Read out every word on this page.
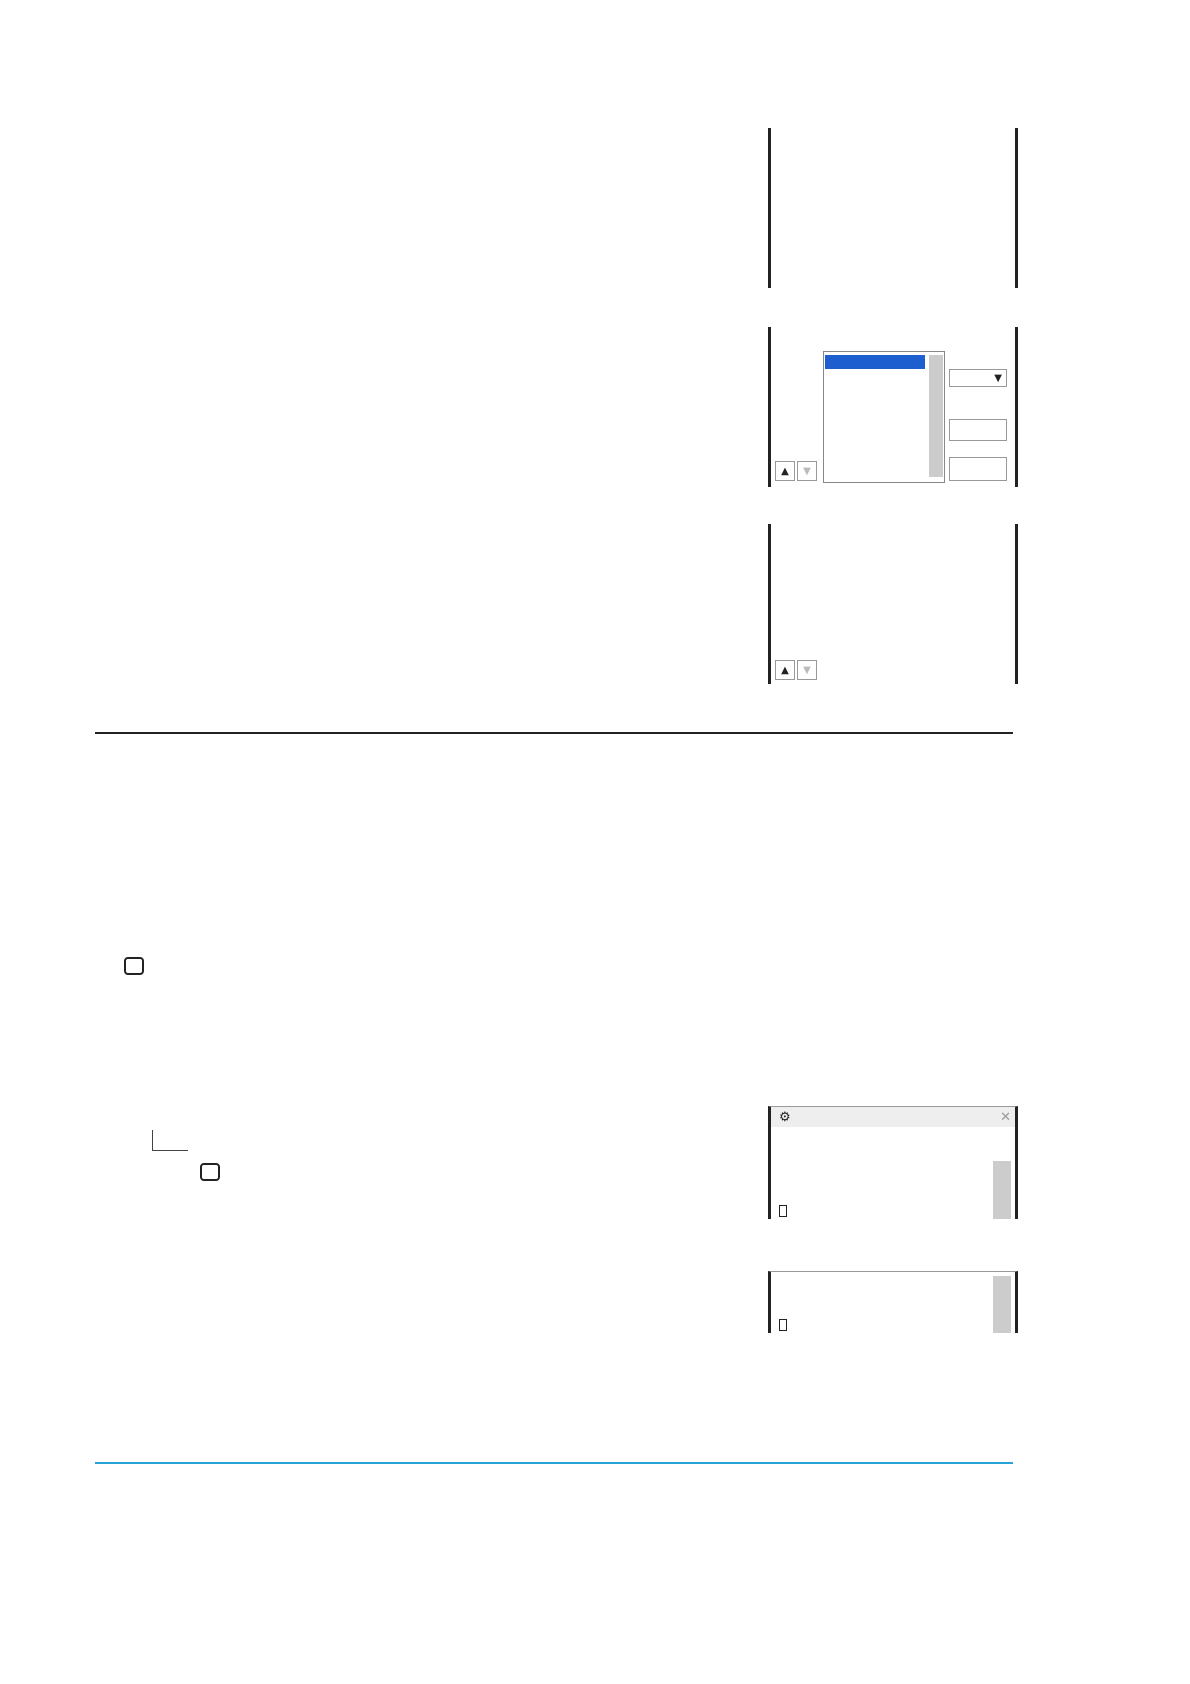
▼
▲	▼
▲	▼
⚙	✕
